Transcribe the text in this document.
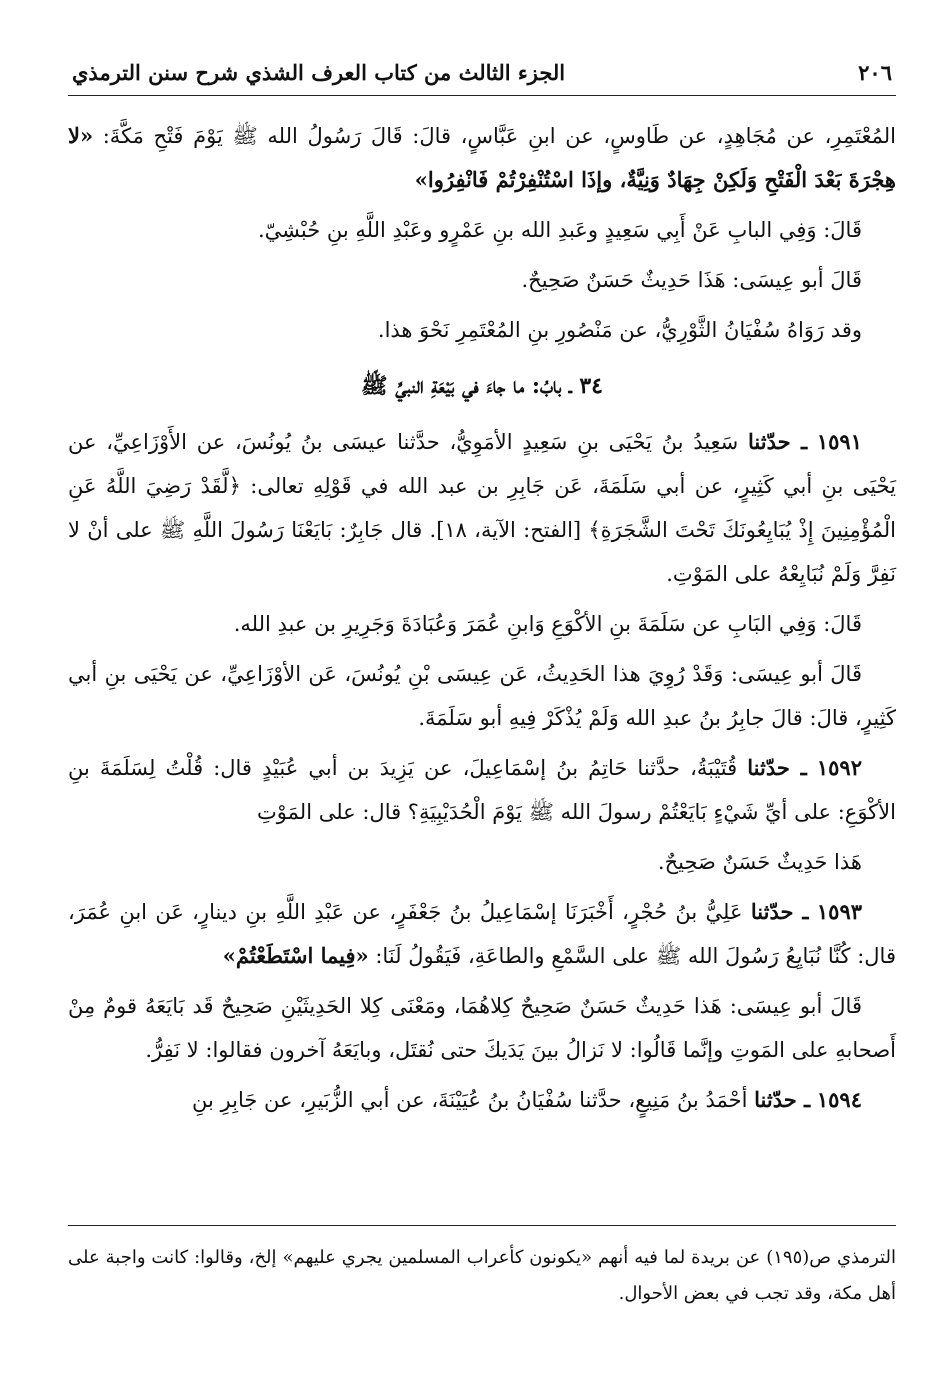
٢٠٦
الجزء الثالث من كتاب العرف الشذي شرح سنن الترمذي

المُعْتَمِرِ، عن مُجَاهِدٍ، عن طَاوسٍ، عن ابنِ عَبَّاسٍ، قالَ: قَالَ رَسُولُ الله ﷺ يَوْمَ فَتْحِ مَكَّةَ: «لا هِجْرَةَ بَعْدَ الْفَتْحِ وَلَكِنْ جِهَادٌ وَنِيَّةٌ، وإذَا اسْتُنْفِرْتُمْ فَانْفِرُوا»

قَالَ: وَفِي البابِ عَنْ أَبِي سَعِيدٍ وعَبدِ الله بنِ عَمْرٍو وعَبْدِ اللَّهِ بنِ حُبْشِيّ.

قَالَ أبو عِيسَى: هَذَا حَدِيثٌ حَسَنٌ صَحِيحٌ.

وقد رَوَاهُ سُفْيَانُ الثَّوْرِيُّ، عن مَنْصُورِ بنِ المُعْتَمِرِ نَحْوَ هذا.

٣٤ ـ بابُ: ما جاءَ في بَيْعَةِ النبيِّ ﷺ

١٥٩١ ـ حدّثنا سَعِيدُ بنُ يَحْيَى بنِ سَعِيدٍ الأمَوِيُّ، حدَّثنا عيسَى بنُ يُونُسَ، عن الأَوْزَاعِيِّ، عن يَحْيَى بنِ أبي كَثِيرٍ، عن أبي سَلَمَةَ، عَن جَابِرِ بن عبد الله في قَوْلِهِ تعالى: ﴿لَّقَدْ رَضِيَ اللَّهُ عَنِ الْمُؤْمِنِينَ إِذْ يُبَايِعُونَكَ تَحْتَ الشَّجَرَةِ﴾ [الفتح: الآية، ١٨]. قال جَابِرٌ: بَايَعْنَا رَسُولَ اللَّهِ ﷺ على أنْ لا نَفِرَّ وَلَمْ نُبَايِعْهُ على المَوْتِ.

قَالَ: وَفِي البَابِ عن سَلَمَةَ بنِ الأكْوَعِ وَابنِ عُمَرَ وَعُبَادَةَ وَجَرِيرِ بن عبدِ الله.

قَالَ أبو عِيسَى: وَقَدْ رُوِيَ هذا الحَدِيثُ، عَن عِيسَى بْنِ يُونُسَ، عَن الأوْزَاعِيِّ، عن يَحْيَى بنِ أبي كَثِيرٍ، قالَ: قالَ جابِرُ بنُ عبدِ الله وَلَمْ يُذْكَرْ فِيهِ أبو سَلَمَةَ.

١٥٩٢ ـ حدّثنا قُتَيْبَةُ، حدَّثنا حَاتِمُ بنُ إسْمَاعِيلَ، عن يَزِيدَ بن أبي عُبَيْدٍ قال: قُلْتُ لِسَلَمَةَ بنِ الأكْوَعِ: على أيِّ شَيْءٍ بَايَعْتُمْ رسولَ الله ﷺ يَوْمَ الْحُدَيْبِيَةِ؟ قال: على المَوْتِ

هَذا حَدِيثٌ حَسَنٌ صَحِيحٌ.

١٥٩٣ ـ حدّثنا عَلِيُّ بنُ حُجْرٍ، أَخْبَرَنَا إسْمَاعِيلُ بنُ جَعْفَرٍ، عن عَبْدِ اللَّهِ بنِ دينارٍ، عَن ابنِ عُمَرَ، قال: كُنَّا نُبَايِعُ رَسُولَ الله ﷺ على السَّمْعِ والطاعَةِ، فَيَقُولُ لَنَا: «فِيما اسْتَطَعْتُمْ»

قَالَ أبو عِيسَى: هَذا حَدِيثٌ حَسَنٌ صَحِيحٌ كِلاهُمَا، ومَعْنَى كِلا الحَدِيثَيْنِ صَحِيحٌ قَد بَايَعَهُ قومٌ مِنْ أَصحابهِ على المَوتِ وإنَّما قَالُوا: لا نَزالُ بينَ يَدَيكَ حتى نُقتَل، وبايَعَهُ آخرون فقالوا: لا نَفِرُّ.

١٥٩٤ ـ حدّثنا أحْمَدُ بنُ مَنِيعٍ، حدَّثنا سُفْيَانُ بنُ عُيَيْنَةَ، عن أبي الزُّبَيرِ، عن جَابِرِ بنِ

الترمذي ص(١٩٥) عن بريدة لما فيه أنهم «يكونون كأعراب المسلمين يجري عليهم» إلخ، وقالوا: كانت واجبة على أهل مكة، وقد تجب في بعض الأحوال.
